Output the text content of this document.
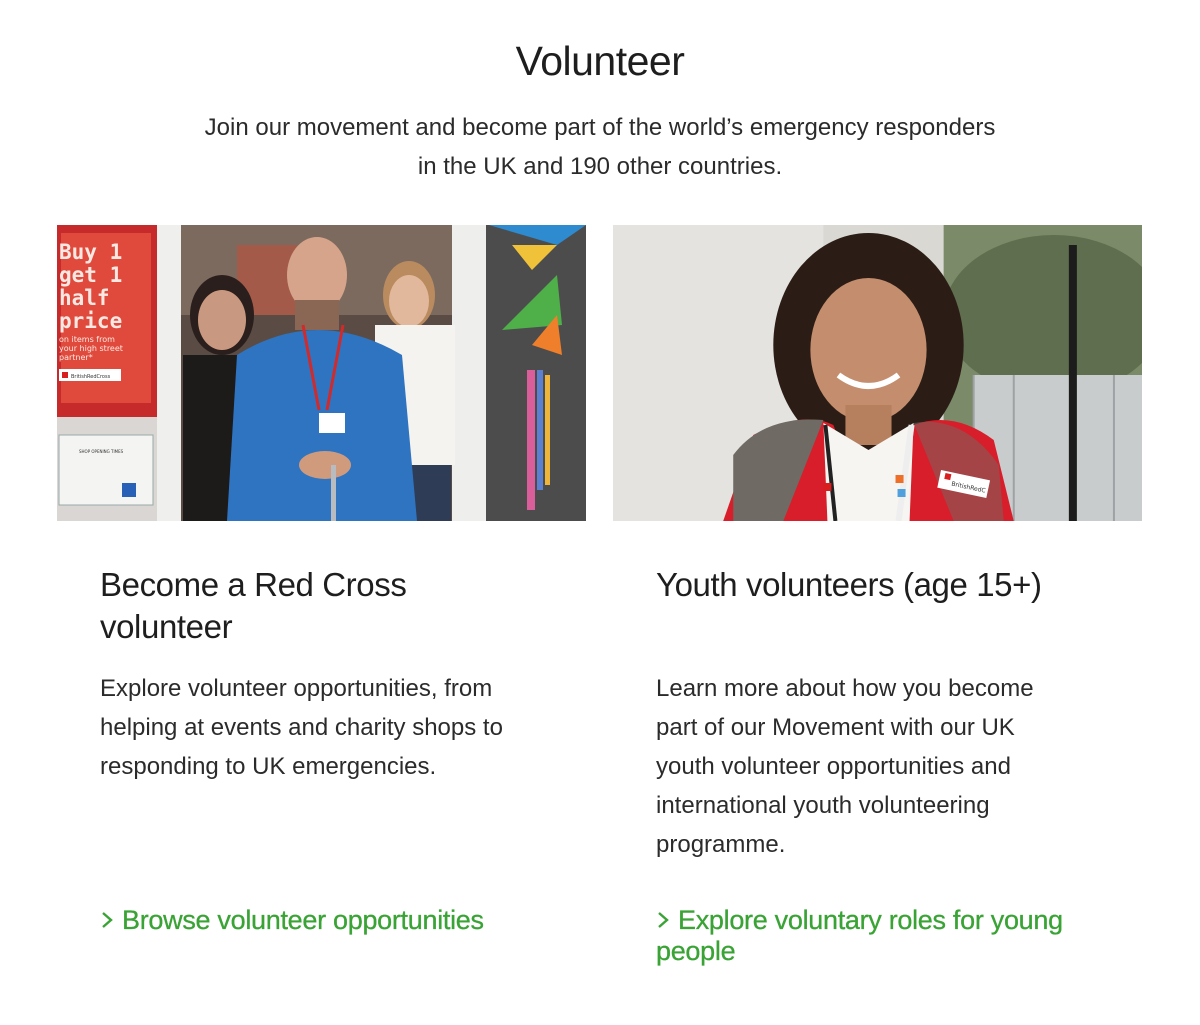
Volunteer

Join our movement and become part of the world’s emergency responders
in the UK and 190 other countries.

Buy 1
get 1
half
price
on items from
your high street
partner*
BritishRedCross
SHOP OPENING TIMES
BritishRedC
Become a Red Cross volunteer

Explore volunteer opportunities, from helping at events and charity shops to responding to UK emergencies.

Browse volunteer opportunities
Youth volunteers (age 15+)

Learn more about how you become part of our Movement with our UK youth volunteer opportunities and international youth volunteering programme.

Explore voluntary roles for young people
